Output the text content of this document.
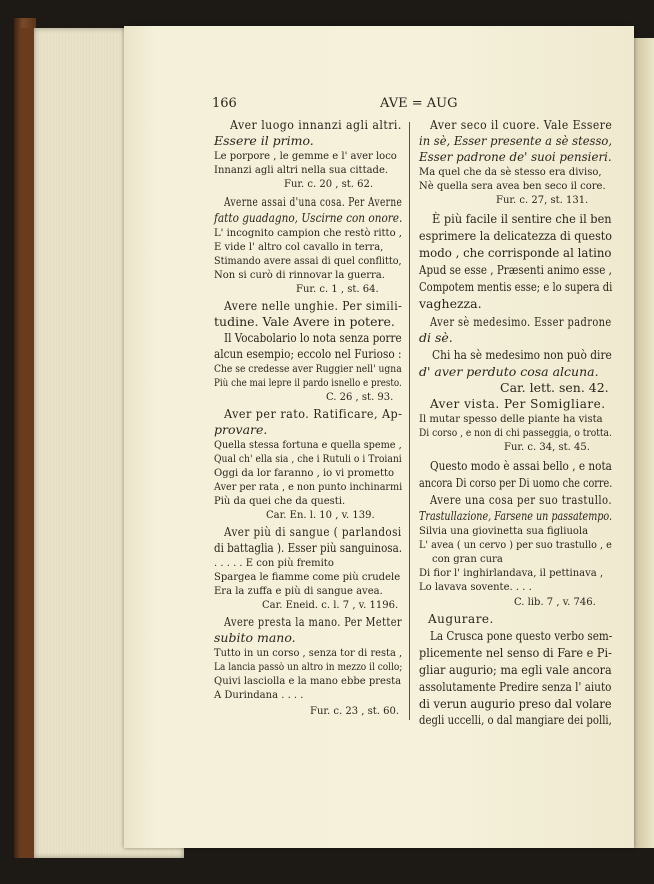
166	AVE = AUG
Aver luogo innanzi agli altri.
Essere il primo.
Le porpore , le gemme e l' aver loco
Innanzi agli altri nella sua cittade.
Fur. c. 20 , st. 62.
Averne assai d'una cosa. Per Averne
fatto guadagno, Uscirne con onore.
L' incognito campion che restò ritto ,
E vide l' altro col cavallo in terra,
Stimando avere assai di quel conflitto,
Non si curò di rinnovar la guerra.
Fur. c. 1 , st. 64.
Avere nelle unghie. Per simili-
tudine. Vale Avere in potere.
Il Vocabolario lo nota senza porre
alcun esempio; eccolo nel Furioso :
Che se credesse aver Ruggier nell' ugna
Più che mai lepre il pardo isnello e presto.
C. 26 , st. 93.
Aver per rato. Ratificare, Ap-
provare.
Quella stessa fortuna e quella speme ,
Qual ch' ella sia , che i Rutuli o i Troiani
Oggi da lor faranno , io vi prometto
Aver per rata , e non punto inchinarmi
Più da quei che da questi.
Car. En. l. 10 , v. 139.
Aver più di sangue ( parlandosi
di battaglia ). Esser più sanguinosa.
. . . . . E con più fremito
Spargea le fiamme come più crudele
Era la zuffa e più di sangue avea.
Car. Eneid. c. l. 7 , v. 1196.
Avere presta la mano. Per Metter
subito mano.
Tutto in un corso , senza tor di resta ,
La lancia passò un altro in mezzo il collo;
Quivi lasciolla e la mano ebbe presta
A Durindana . . . .
Fur. c. 23 , st. 60.
Aver seco il cuore. Vale Essere
in sè, Esser presente a sè stesso,
Esser padrone de' suoi pensieri.
Ma quel che da sè stesso era diviso,
Nè quella sera avea ben seco il core.
Fur. c. 27, st. 131.
È più facile il sentire che il ben
esprimere la delicatezza di questo
modo , che corrisponde al latino
Apud se esse , Præsenti animo esse ,
Compotem mentis esse; e lo supera di
vaghezza.
Aver sè medesimo. Esser padrone
di sè.
Chi ha sè medesimo non può dire
d' aver perduto cosa alcuna.
Car. lett. sen. 42.
Aver vista. Per Somigliare.
Il mutar spesso delle piante ha vista
Di corso , e non di chi passeggia, o trotta.
Fur. c. 34, st. 45.
Questo modo è assai bello , e nota
ancora Di corso per Di uomo che corre.
Avere una cosa per suo trastullo.
Trastullazione, Farsene un passatempo.
Silvia una giovinetta sua figliuola
L' avea ( un cervo ) per suo trastullo , e
con gran cura
Di fior l' inghirlandava, il pettinava ,
Lo lavava sovente. . . .
C. lib. 7 , v. 746.
Augurare.
La Crusca pone questo verbo sem-
plicemente nel senso di Fare e Pi-
gliar augurio; ma egli vale ancora
assolutamente Predire senza l' aiuto
di verun augurio preso dal volare
degli uccelli, o dal mangiare dei polli,
